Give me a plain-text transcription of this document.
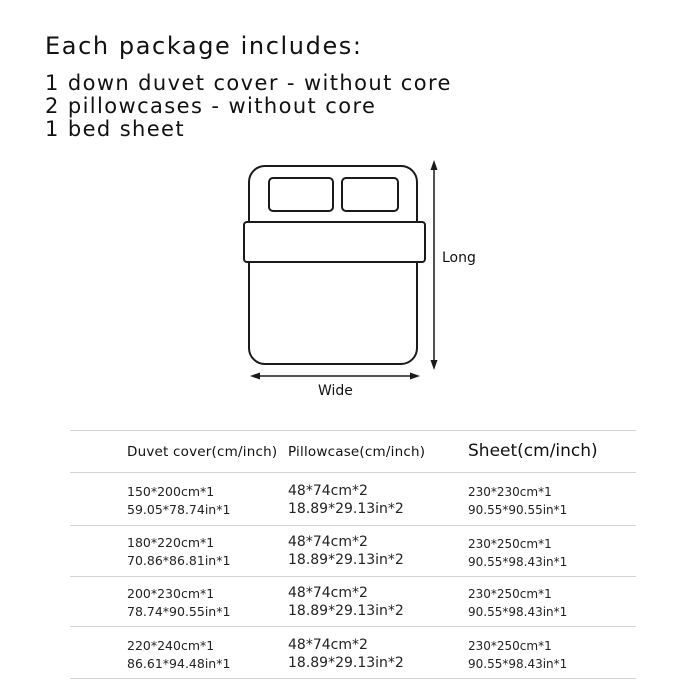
Each package includes:
1 down duvet cover - without core
2 pillowcases - without core
1 bed sheet
Long
Wide
Duvet cover(cm/inch) Pillowcase(cm/inch)	Sheet(cm/inch)
150*200cm*1
59.05*78.74in*1
48*74cm*2
18.89*29.13in*2
230*230cm*1
90.55*90.55in*1
180*220cm*1
70.86*86.81in*1
48*74cm*2
18.89*29.13in*2
230*250cm*1
90.55*98.43in*1
200*230cm*1
78.74*90.55in*1
48*74cm*2
18.89*29.13in*2
230*250cm*1
90.55*98.43in*1
220*240cm*1
86.61*94.48in*1
48*74cm*2
18.89*29.13in*2
230*250cm*1
90.55*98.43in*1
